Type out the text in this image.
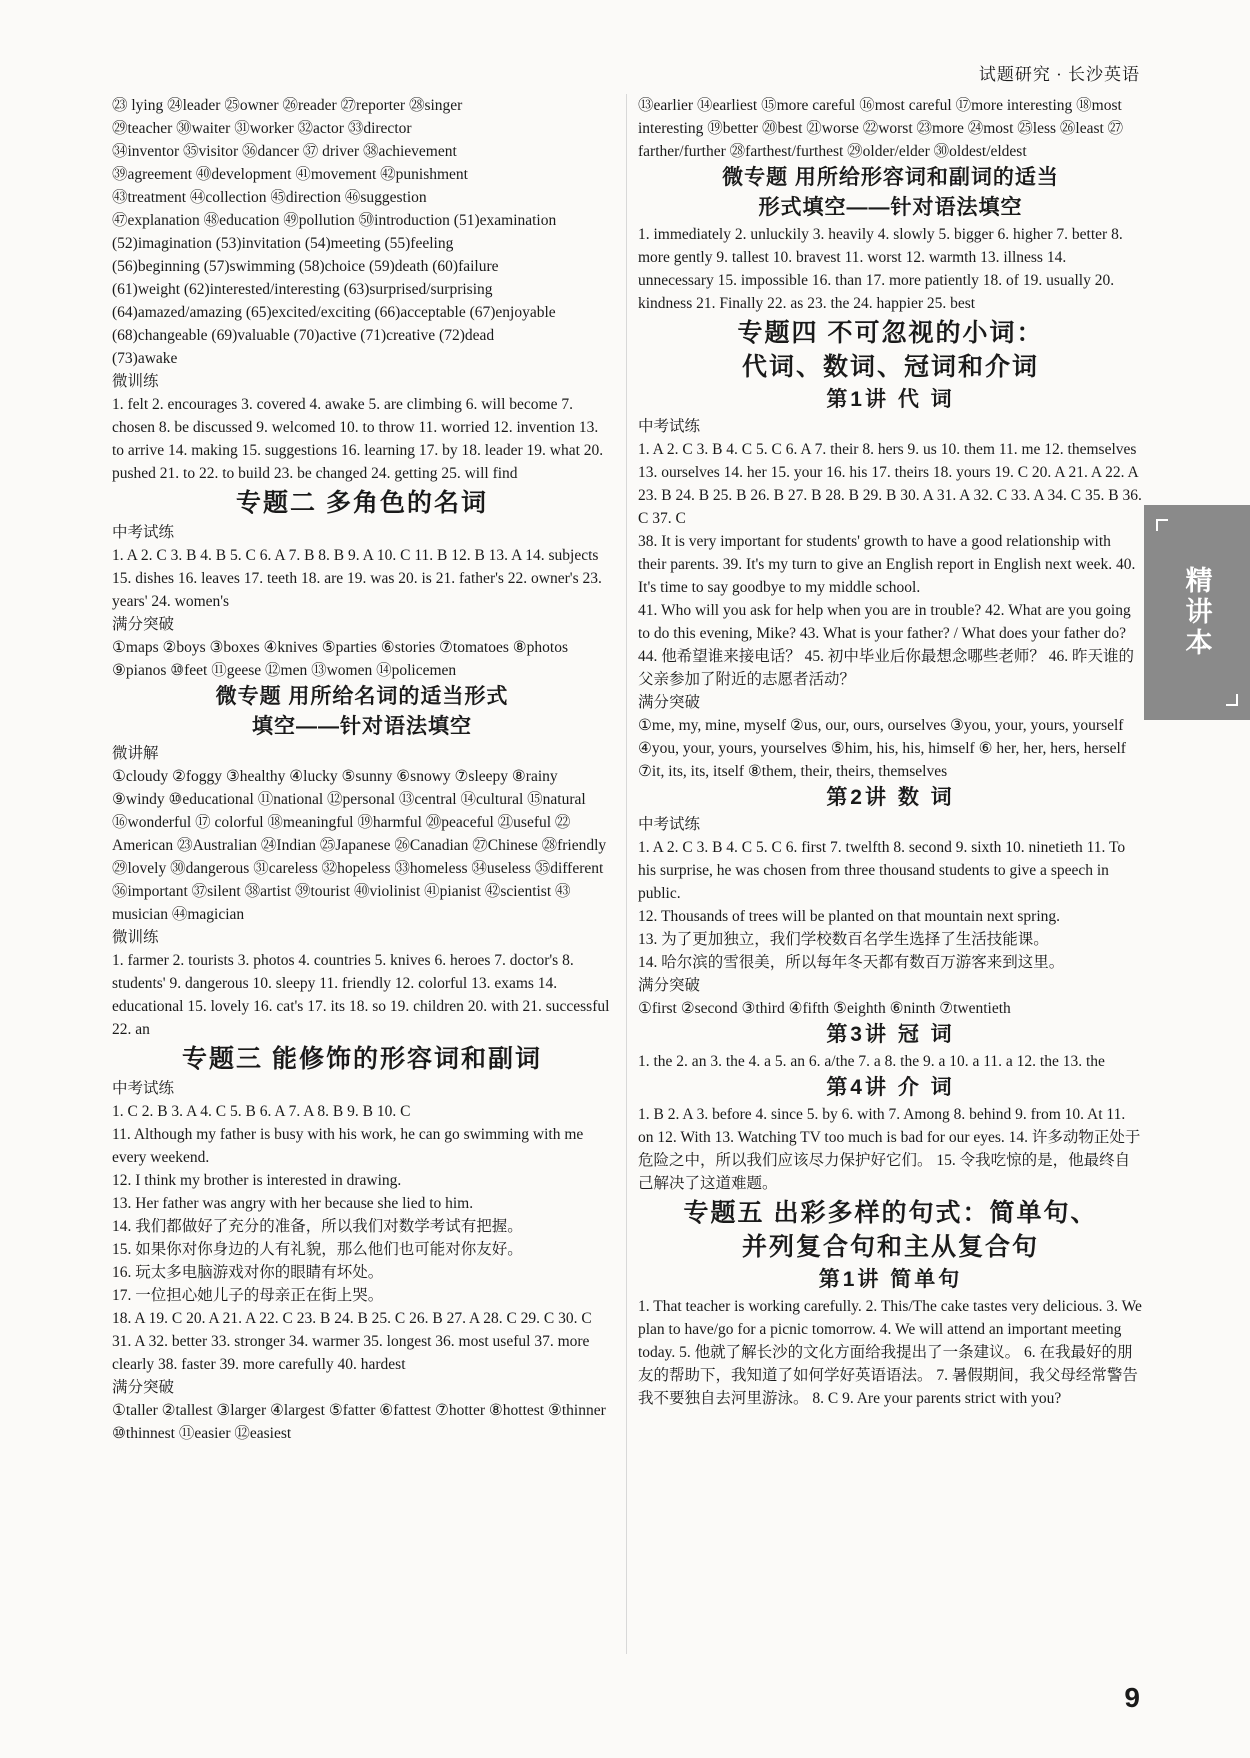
试题研究 · 长沙英语
㉓ lying ㉔leader ㉕owner ㉖reader ㉗reporter ㉘singer
㉙teacher ㉚waiter ㉛worker ㉜actor ㉝director
㉞inventor ㉟visitor ㊱dancer ㊲ driver ㊳achievement
㊴agreement ㊵development ㊶movement ㊷punishment
㊸treatment ㊹collection ㊺direction ㊻suggestion
㊼explanation ㊽education ㊾pollution ㊿introduction (51)examination (52)imagination (53)invitation (54)meeting (55)feeling
(56)beginning (57)swimming (58)choice (59)death (60)failure
(61)weight (62)interested/interesting (63)surprised/surprising
(64)amazed/amazing (65)excited/exciting (66)acceptable (67)enjoyable
(68)changeable (69)valuable (70)active (71)creative (72)dead
(73)awake
微训练
1. felt 2. encourages 3. covered 4. awake 5. are climbing 6. will become 7. chosen 8. be discussed 9. welcomed 10. to throw 11. worried 12. invention 13. to arrive 14. making 15. suggestions 16. learning 17. by 18. leader 19. what 20. pushed 21. to 22. to build 23. be changed 24. getting 25. will find
专题二 多角色的名词
中考试练
1. A 2. C 3. B 4. B 5. C 6. A 7. B 8. B 9. A 10. C 11. B 12. B 13. A 14. subjects 15. dishes 16. leaves 17. teeth 18. are 19. was 20. is 21. father's 22. owner's 23. years' 24. women's
满分突破
①maps ②boys ③boxes ④knives ⑤parties ⑥stories ⑦tomatoes ⑧photos ⑨pianos ⑩feet ⑪geese ⑫men ⑬women ⑭policemen
微专题 用所给名词的适当形式
填空——针对语法填空
微讲解
①cloudy ②foggy ③healthy ④lucky ⑤sunny ⑥snowy ⑦sleepy ⑧rainy ⑨windy ⑩educational ⑪national ⑫personal ⑬central ⑭cultural ⑮natural ⑯wonderful ⑰ colorful ⑱meaningful ⑲harmful ⑳peaceful ㉑useful ㉒American ㉓Australian ㉔Indian ㉕Japanese ㉖Canadian ㉗Chinese ㉘friendly ㉙lovely ㉚dangerous ㉛careless ㉜hopeless ㉝homeless ㉞useless ㉟different ㊱important ㊲silent ㊳artist ㊴tourist ㊵violinist ㊶pianist ㊷scientist ㊸musician ㊹magician
微训练
1. farmer 2. tourists 3. photos 4. countries 5. knives 6. heroes 7. doctor's 8. students' 9. dangerous 10. sleepy 11. friendly 12. colorful 13. exams 14. educational 15. lovely 16. cat's 17. its 18. so 19. children 20. with 21. successful 22. an
专题三 能修饰的形容词和副词
中考试练
1. C 2. B 3. A 4. C 5. B 6. A 7. A 8. B 9. B 10. C
11. Although my father is busy with his work, he can go swimming with me every weekend.
12. I think my brother is interested in drawing.
13. Her father was angry with her because she lied to him.
14. 我们都做好了充分的准备，所以我们对数学考试有把握。
15. 如果你对你身边的人有礼貌，那么他们也可能对你友好。
16. 玩太多电脑游戏对你的眼睛有坏处。
17. 一位担心她儿子的母亲正在街上哭。
18. A 19. C 20. A 21. A 22. C 23. B 24. B 25. C 26. B 27. A 28. C 29. C 30. C 31. A 32. better 33. stronger 34. warmer 35. longest 36. most useful 37. more clearly 38. faster 39. more carefully 40. hardest
满分突破
①taller ②tallest ③larger ④largest ⑤fatter ⑥fattest ⑦hotter ⑧hottest ⑨thinner ⑩thinnest ⑪easier ⑫easiest
⑬earlier ⑭earliest ⑮more careful ⑯most careful ⑰more interesting ⑱most interesting ⑲better ⑳best ㉑worse ㉒worst ㉓more ㉔most ㉕less ㉖least ㉗farther/further ㉘farthest/furthest ㉙older/elder ㉚oldest/eldest
微专题 用所给形容词和副词的适当
形式填空——针对语法填空
1. immediately 2. unluckily 3. heavily 4. slowly 5. bigger 6. higher 7. better 8. more gently 9. tallest 10. bravest 11. worst 12. warmth 13. illness 14. unnecessary 15. impossible 16. than 17. more patiently 18. of 19. usually 20. kindness 21. Finally 22. as 23. the 24. happier 25. best
专题四 不可忽视的小词：
代词、数词、冠词和介词
第1讲 代 词
中考试练
1. A 2. C 3. B 4. C 5. C 6. A 7. their 8. hers 9. us 10. them 11. me 12. themselves 13. ourselves 14. her 15. your 16. his 17. theirs 18. yours 19. C 20. A 21. A 22. A 23. B 24. B 25. B 26. B 27. B 28. B 29. B 30. A 31. A 32. C 33. A 34. C 35. B 36. C 37. C
38. It is very important for students' growth to have a good relationship with their parents. 39. It's my turn to give an English report in English next week. 40. It's time to say goodbye to my middle school.
41. Who will you ask for help when you are in trouble? 42. What are you going to do this evening, Mike? 43. What is your father? / What does your father do? 44. 他希望谁来接电话？ 45. 初中毕业后你最想念哪些老师？ 46. 昨天谁的父亲参加了附近的志愿者活动？
满分突破
①me, my, mine, myself ②us, our, ours, ourselves ③you, your, yours, yourself ④you, your, yours, yourselves ⑤him, his, his, himself ⑥ her, her, hers, herself ⑦it, its, its, itself ⑧them, their, theirs, themselves
第2讲 数 词
中考试练
1. A 2. C 3. B 4. C 5. C 6. first 7. twelfth 8. second 9. sixth 10. ninetieth 11. To his surprise, he was chosen from three thousand students to give a speech in public.
12. Thousands of trees will be planted on that mountain next spring.
13. 为了更加独立，我们学校数百名学生选择了生活技能课。
14. 哈尔滨的雪很美，所以每年冬天都有数百万游客来到这里。
满分突破
①first ②second ③third ④fifth ⑤eighth ⑥ninth ⑦twentieth
第3讲 冠 词
1. the 2. an 3. the 4. a 5. an 6. a/the 7. a 8. the 9. a 10. a 11. a 12. the 13. the
第4讲 介 词
1. B 2. A 3. before 4. since 5. by 6. with 7. Among 8. behind 9. from 10. At 11. on 12. With 13. Watching TV too much is bad for our eyes. 14. 许多动物正处于危险之中，所以我们应该尽力保护好它们。 15. 令我吃惊的是，他最终自己解决了这道难题。
专题五 出彩多样的句式：简单句、
并列复合句和主从复合句
第1讲 简单句
1. That teacher is working carefully. 2. This/The cake tastes very delicious. 3. We plan to have/go for a picnic tomorrow. 4. We will attend an important meeting today. 5. 他就了解长沙的文化方面给我提出了一条建议。 6. 在我最好的朋友的帮助下，我知道了如何学好英语语法。 7. 暑假期间，我父母经常警告我不要独自去河里游泳。 8. C 9. Are your parents strict with you?
精讲本
9
